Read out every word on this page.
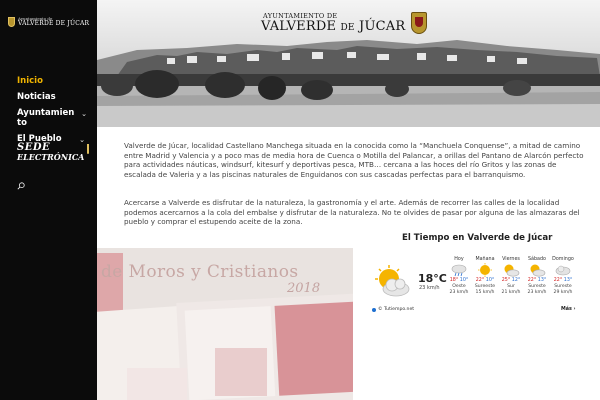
Ayuntamiento de
VALVERDE DE JÚCAR
Inicio
Noticias
Ayuntamiento
⌄
El Pueblo	⌄
SEDE
ELECTRÓNICA
AYUNTAMIENTO DE
VALVERDE DE JÚCAR

Valverde de Júcar, localidad Castellano Manchega situada en la conocida como la “Manchuela Conquense”, a mitad de camino entre Madrid y Valencia y a poco mas de media hora de Cuenca o Motilla del Palancar, a orillas del Pantano de Alarcón perfecto para actividades náuticas, windsurf, kitesurf y deportivas pesca, MTB… cercana a las hoces del río Gritos y las zonas de escalada de Valeria y a las piscinas naturales de Enguidanos con sus cascadas perfectas para el barranquismo.

Acercarse a Valverde es disfrutar de la naturaleza, la gastronomía y el arte. Además de recorrer las calles de la localidad podemos acercarnos a la cola del embalse y disfrutar de la naturaleza. No te olvides de pasar por alguna de las almazaras del pueblo y comprar el estupendo aceite de la zona.

de Moros y Cristianos
2018
El Tiempo en Valverde de Júcar
18°C
23 km/h
Hoy
18° 10°
Oeste
23 km/h
Mañana
22° 10°
Sureeste
15 km/h
Viernes
25° 12°
Sur
21 km/h
Sábado
22° 13°
Sureste
23 km/h
Domingo
22° 13°
Sureste
29 km/h
© Tutiempo.net	Más ›
